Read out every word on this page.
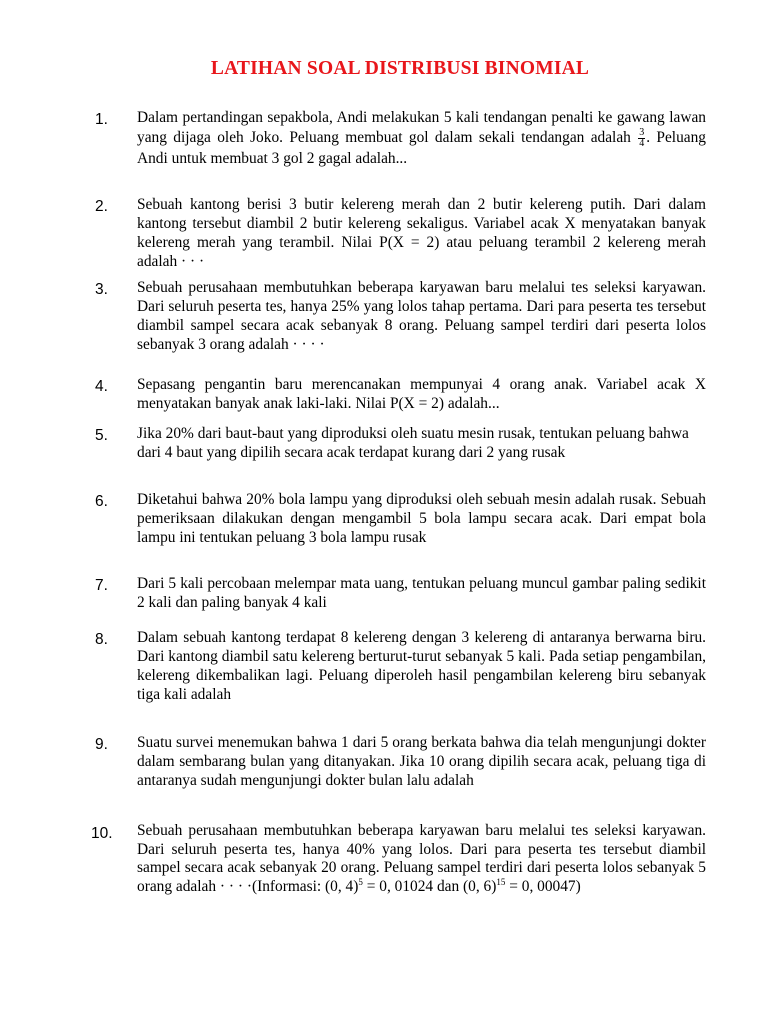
LATIHAN SOAL DISTRIBUSI BINOMIAL
1. Dalam pertandingan sepakbola, Andi melakukan 5 kali tendangan penalti ke gawang lawan yang dijaga oleh Joko. Peluang membuat gol dalam sekali tendangan adalah $\frac{3}{4}$ . Peluang Andi untuk membuat 3 gol 2 gagal adalah...
2. Sebuah kantong berisi 3 butir kelereng merah dan 2 butir kelereng putih. Dari dalam kantong tersebut diambil 2 butir kelereng sekaligus. Variabel acak X menyatakan banyak kelereng merah yang terambil. Nilai P(X = 2) atau peluang terambil 2 kelereng merah adalah · · ·
3. Sebuah perusahaan membutuhkan beberapa karyawan baru melalui tes seleksi karyawan. Dari seluruh peserta tes, hanya 25% yang lolos tahap pertama. Dari para peserta tes tersebut diambil sampel secara acak sebanyak 8 orang. Peluang sampel terdiri dari peserta lolos sebanyak 3 orang adalah · · · ·
4. Sepasang pengantin baru merencanakan mempunyai 4 orang anak. Variabel acak X menyatakan banyak anak laki-laki. Nilai P(X = 2) adalah...
5. Jika 20% dari baut-baut yang diproduksi oleh suatu mesin rusak, tentukan peluang bahwa dari 4 baut yang dipilih secara acak terdapat kurang dari 2 yang rusak
6. Diketahui bahwa 20% bola lampu yang diproduksi oleh sebuah mesin adalah rusak. Sebuah pemeriksaan dilakukan dengan mengambil 5 bola lampu secara acak. Dari empat bola lampu ini tentukan peluang 3 bola lampu rusak
7. Dari 5 kali percobaan melempar mata uang, tentukan peluang muncul gambar paling sedikit 2 kali dan paling banyak 4 kali
8. Dalam sebuah kantong terdapat 8 kelereng dengan 3 kelereng di antaranya berwarna biru. Dari kantong diambil satu kelereng berturut-turut sebanyak 5 kali. Pada setiap pengambilan, kelereng dikembalikan lagi. Peluang diperoleh hasil pengambilan kelereng biru sebanyak tiga kali adalah
9. Suatu survei menemukan bahwa 1 dari 5 orang berkata bahwa dia telah mengunjungi dokter dalam sembarang bulan yang ditanyakan. Jika 10 orang dipilih secara acak, peluang tiga di antaranya sudah mengunjungi dokter bulan lalu adalah
10. Sebuah perusahaan membutuhkan beberapa karyawan baru melalui tes seleksi karyawan. Dari seluruh peserta tes, hanya 40% yang lolos. Dari para peserta tes tersebut diambil sampel secara acak sebanyak 20 orang. Peluang sampel terdiri dari peserta lolos sebanyak 5 orang adalah · · · ·(Informasi: (0, 4)$^5$ = 0, 01024 dan (0, 6)$^{15}$ = 0, 00047)
